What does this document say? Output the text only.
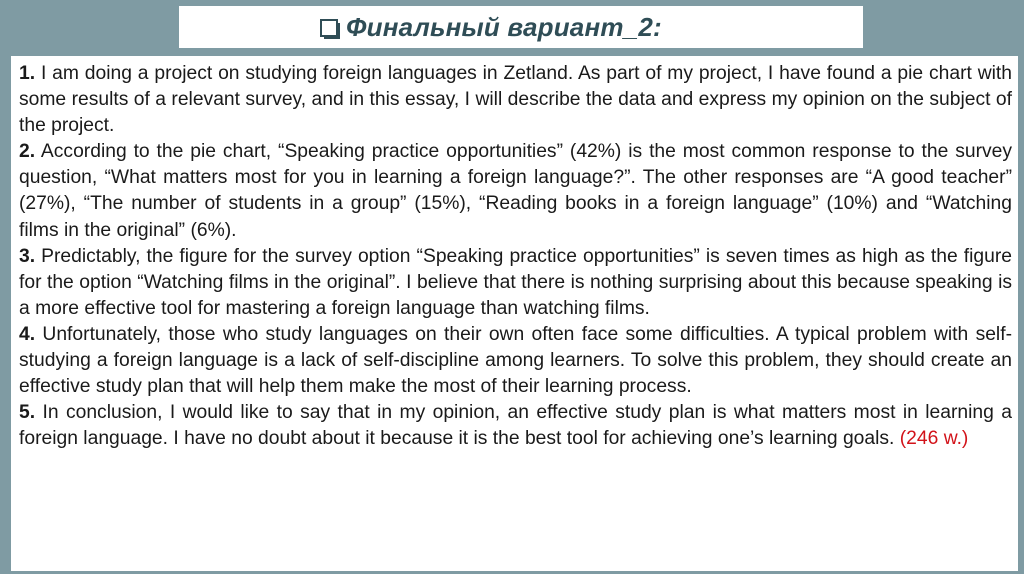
Финальный вариант_2:

1. I am doing a project on studying foreign languages in Zetland. As part of my project, I have found a pie chart with some results of a relevant survey, and in this essay, I will describe the data and express my opinion on the subject of the project.

2. According to the pie chart, “Speaking practice opportunities” (42%) is the most common response to the survey question, “What matters most for you in learning a foreign language?”. The other responses are “A good teacher” (27%), “The number of students in a group” (15%), “Reading books in a foreign language” (10%) and “Watching films in the original” (6%).

3. Predictably, the figure for the survey option “Speaking practice opportunities” is seven times as high as the figure for the option “Watching films in the original”. I believe that there is nothing surprising about this because speaking is a more effective tool for mastering a foreign language than watching films.

4. Unfortunately, those who study languages on their own often face some difficulties. A typical problem with self-studying a foreign language is a lack of self-discipline among learners. To solve this problem, they should create an effective study plan that will help them make the most of their learning process.

5. In conclusion, I would like to say that in my opinion, an effective study plan is what matters most in learning a foreign language. I have no doubt about it because it is the best tool for achieving one’s learning goals. (246 w.)
